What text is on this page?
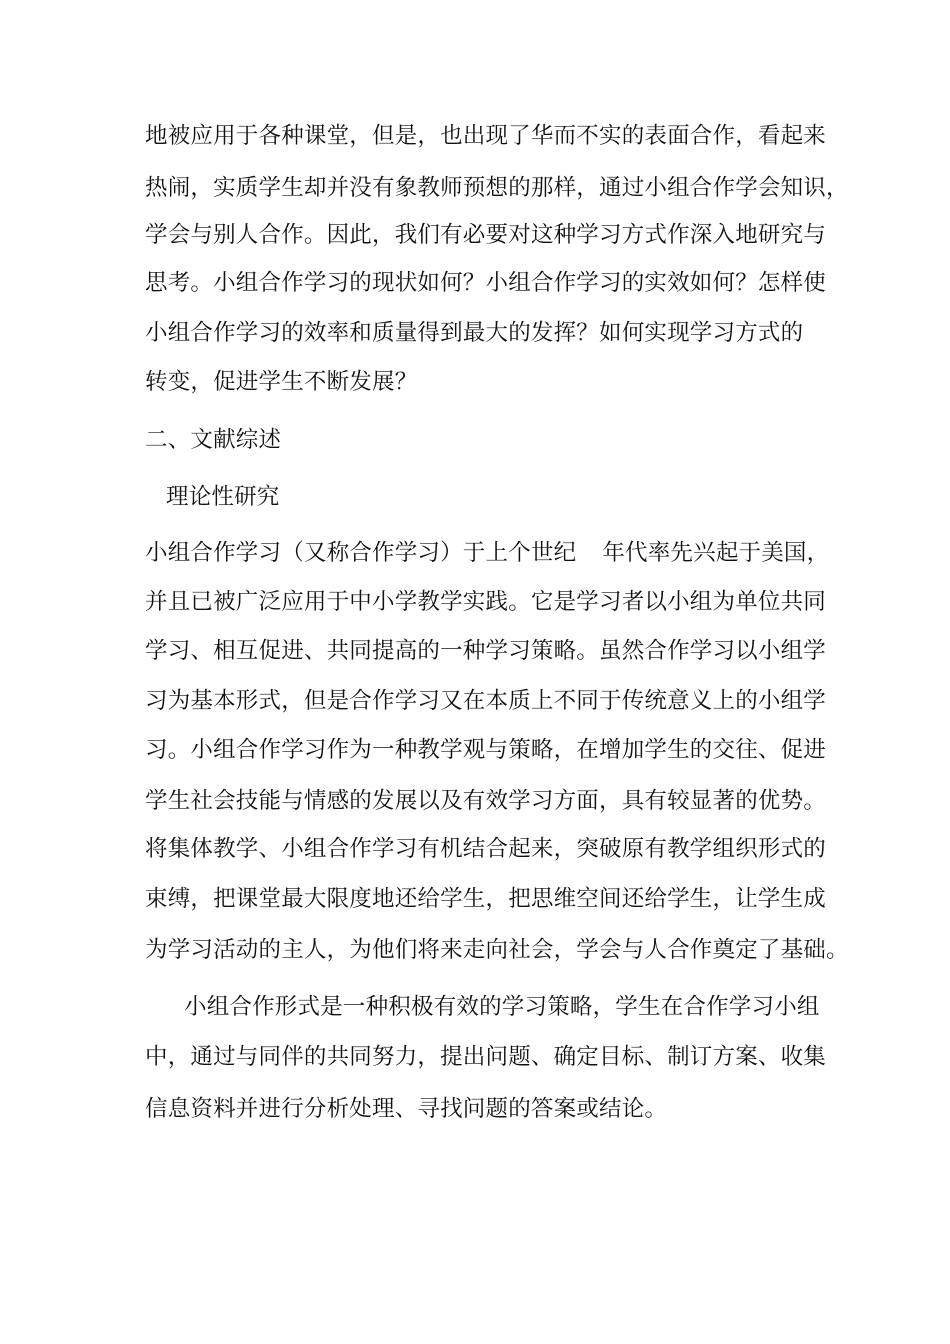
地被应用于各种课堂，但是，也出现了华而不实的表面合作，看起来
热闹，实质学生却并没有象教师预想的那样，通过小组合作学会知识，
学会与别人合作。因此，我们有必要对这种学习方式作深入地研究与
思考。小组合作学习的现状如何？小组合作学习的实效如何？怎样使
小组合作学习的效率和质量得到最大的发挥？如何实现学习方式的
转变，促进学生不断发展？
二、文献综述
理论性研究
小组合作学习（又称合作学习）于上个世纪 年代率先兴起于美国，
并且已被广泛应用于中小学教学实践。它是学习者以小组为单位共同
学习、相互促进、共同提高的一种学习策略。虽然合作学习以小组学
习为基本形式，但是合作学习又在本质上不同于传统意义上的小组学
习。小组合作学习作为一种教学观与策略，在增加学生的交往、促进
学生社会技能与情感的发展以及有效学习方面，具有较显著的优势。
将集体教学、小组合作学习有机结合起来，突破原有教学组织形式的
束缚，把课堂最大限度地还给学生，把思维空间还给学生，让学生成
为学习活动的主人，为他们将来走向社会，学会与人合作奠定了基础。
小组合作形式是一种积极有效的学习策略，学生在合作学习小组
中，通过与同伴的共同努力，提出问题、确定目标、制订方案、收集
信息资料并进行分析处理、寻找问题的答案或结论。
